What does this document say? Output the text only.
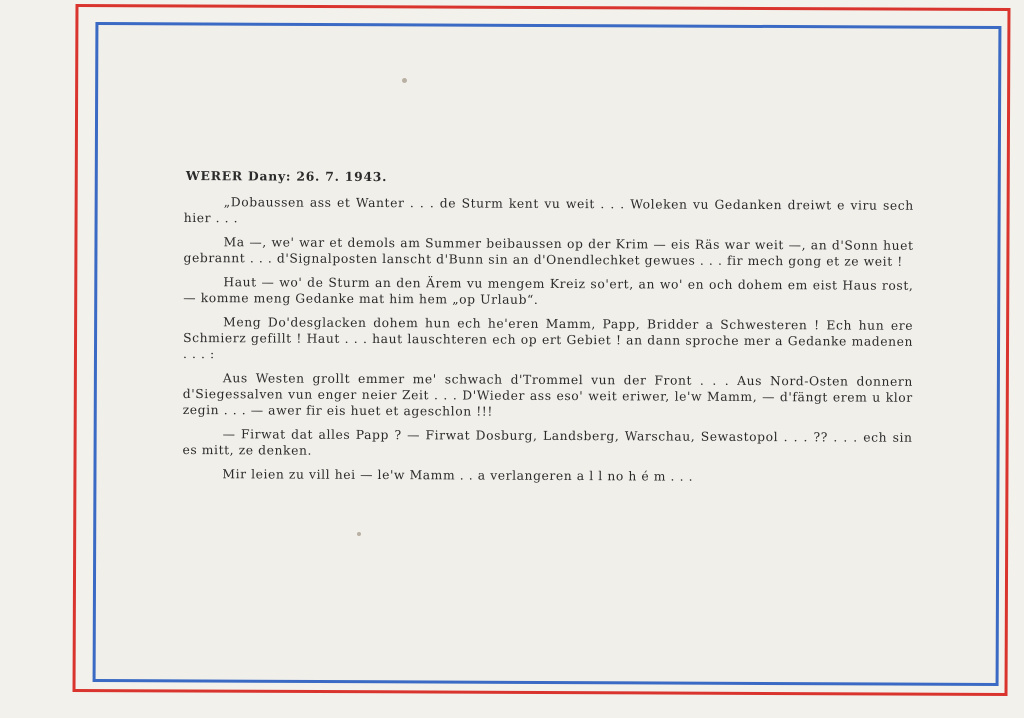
WERER Dany: 26. 7. 1943.

„Dobaussen ass et Wanter . . . de Sturm kent vu weit . . . Woleken vu Gedanken dreiwt e viru sech hier . . .

Ma —, we' war et demols am Summer beibaussen op der Krim — eis Räs war weit —, an d'Sonn huet gebrannt . . . d'Signalposten lanscht d'Bunn sin an d'Onendlechket gewues . . . fir mech gong et ze weit !

Haut — wo' de Sturm an den Ärem vu mengem Kreiz so'ert, an wo' en och dohem em eist Haus rost, — komme meng Gedanke mat him hem „op Urlaub“.

Meng Do'desglacken dohem hun ech he'eren Mamm, Papp, Bridder a Schwesteren ! Ech hun ere Schmierz gefillt ! Haut . . . haut lauschteren ech op ert Gebiet ! an dann sproche mer a Gedanke madenen . . . :

Aus Westen grollt emmer me' schwach d'Trommel vun der Front . . . Aus Nord-Osten donnern d'Siegessalven vun enger neier Zeit . . . D'Wieder ass eso' weit eriwer, le'w Mamm, — d'fängt erem u klor zegin . . . — awer fir eis huet et ageschlon !!!

— Firwat dat alles Papp ? — Firwat Dosburg, Landsberg, Warschau, Sewastopol . . . ?? . . . ech sin es mitt, ze denken.

Mir leien zu vill hei — le'w Mamm . . a verlangeren a l l no h é m . . .
